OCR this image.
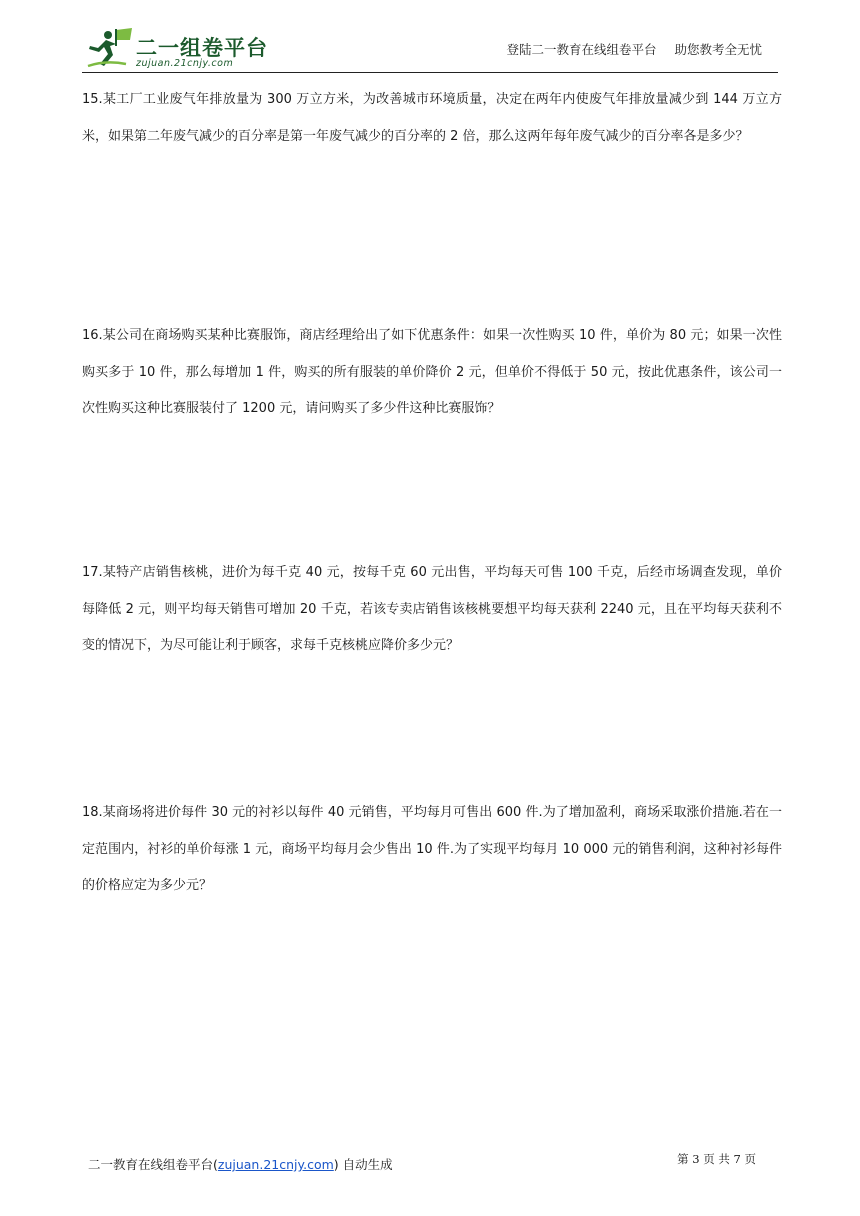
二一组卷平台
zujuan.21cnjy.com
登陆二一教育在线组卷平台 助您教考全无忧
15.某工厂工业废气年排放量为 300 万立方米，为改善城市环境质量，决定在两年内使废气年排放量减少到 144 万立方米，如果第二年废气减少的百分率是第一年废气减少的百分率的 2 倍，那么这两年每年废气减少的百分率各是多少？
16.某公司在商场购买某种比赛服饰，商店经理给出了如下优惠条件：如果一次性购买 10 件，单价为 80 元；如果一次性购买多于 10 件，那么每增加 1 件，购买的所有服装的单价降价 2 元，但单价不得低于 50 元，按此优惠条件，该公司一次性购买这种比赛服装付了 1200 元，请问购买了多少件这种比赛服饰？
17.某特产店销售核桃，进价为每千克 40 元，按每千克 60 元出售，平均每天可售 100 千克，后经市场调查发现，单价每降低 2 元，则平均每天销售可增加 20 千克，若该专卖店销售该核桃要想平均每天获利 2240 元，且在平均每天获利不变的情况下，为尽可能让利于顾客，求每千克核桃应降价多少元？
18.某商场将进价每件 30 元的衬衫以每件 40 元销售，平均每月可售出 600 件.为了增加盈利，商场采取涨价措施.若在一定范围内，衬衫的单价每涨 1 元，商场平均每月会少售出 10 件.为了实现平均每月 10 000 元的销售利润，这种衬衫每件的价格应定为多少元？
二一教育在线组卷平台(zujuan.21cnjy.com) 自动生成	第 3 页 共 7 页
